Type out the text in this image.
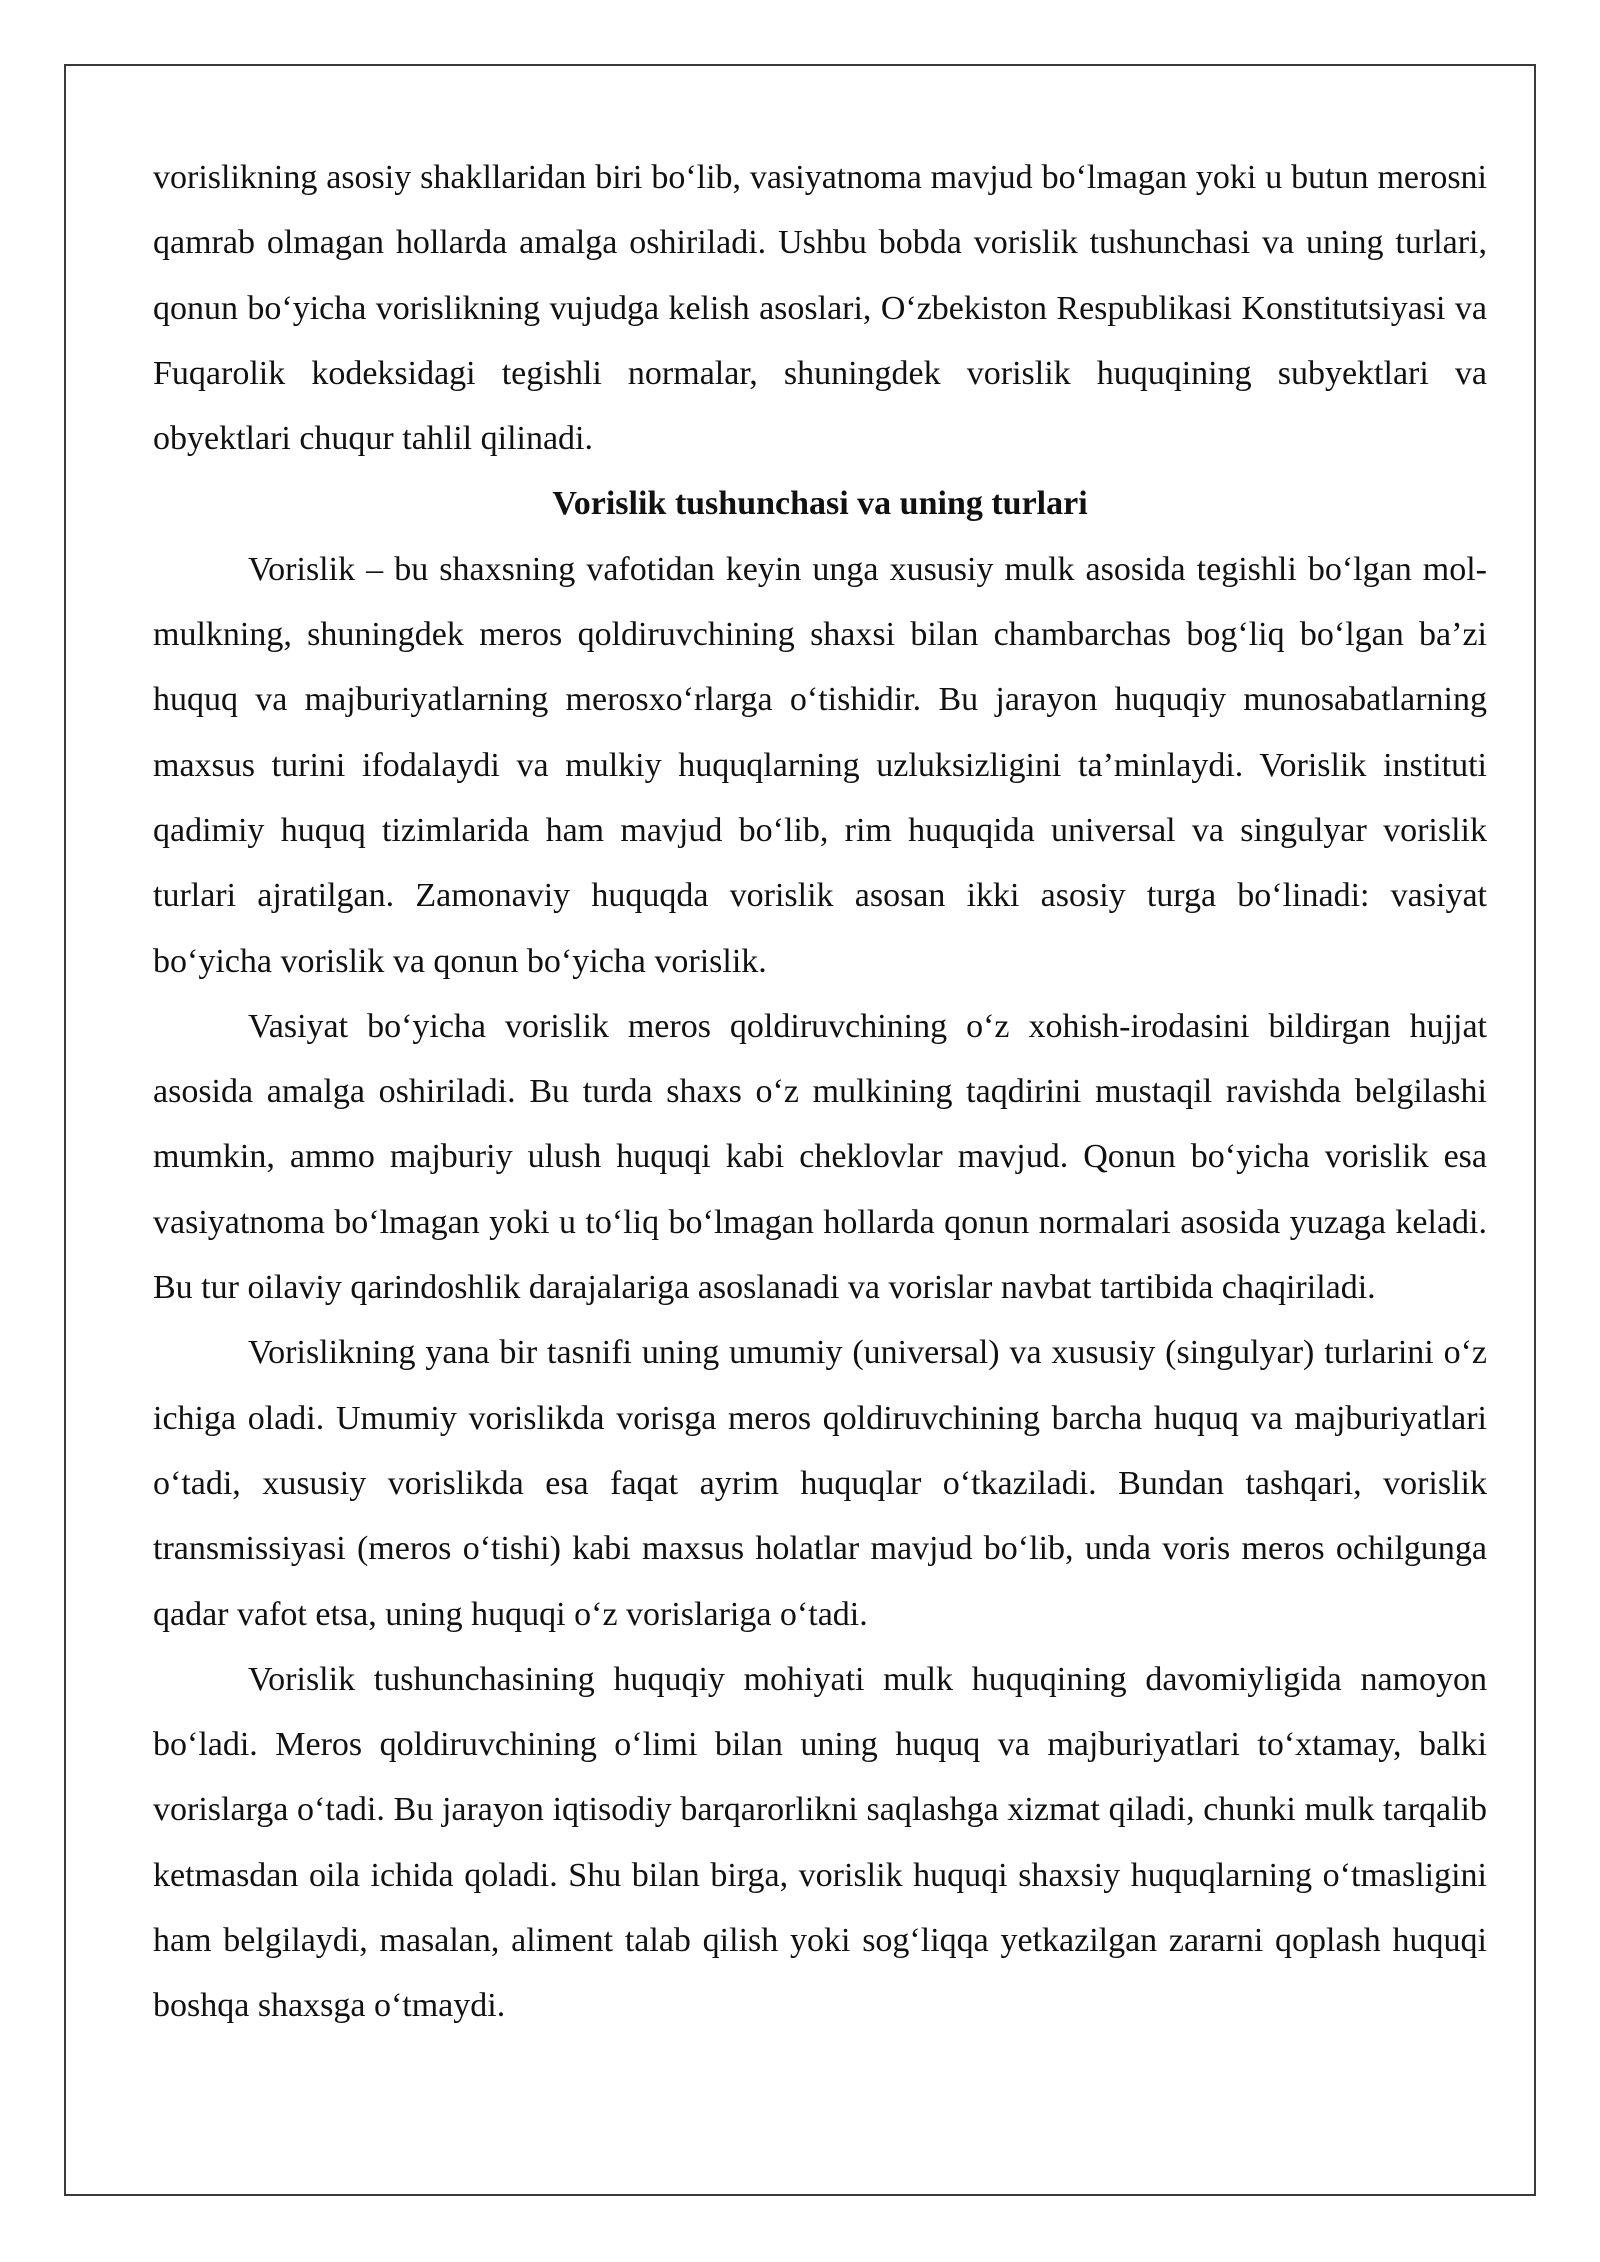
vorislikning asosiy shakllaridan biri bo‘lib, vasiyatnoma mavjud bo‘lmagan yoki u butun merosni qamrab olmagan hollarda amalga oshiriladi. Ushbu bobda vorislik tushunchasi va uning turlari, qonun bo‘yicha vorislikning vujudga kelish asoslari, O‘zbekiston Respublikasi Konstitutsiyasi va Fuqarolik kodeksidagi tegishli normalar, shuningdek vorislik huquqining subyektlari va obyektlari chuqur tahlil qilinadi.

Vorislik tushunchasi va uning turlari

Vorislik – bu shaxsning vafotidan keyin unga xususiy mulk asosida tegishli bo‘lgan mol-mulkning, shuningdek meros qoldiruvchining shaxsi bilan chambarchas bog‘liq bo‘lgan ba’zi huquq va majburiyatlarning merosxo‘rlarga o‘tishidir. Bu jarayon huquqiy munosabatlarning maxsus turini ifodalaydi va mulkiy huquqlarning uzluksizligini ta’minlaydi. Vorislik instituti qadimiy huquq tizimlarida ham mavjud bo‘lib, rim huquqida universal va singulyar vorislik turlari ajratilgan. Zamonaviy huquqda vorislik asosan ikki asosiy turga bo‘linadi: vasiyat bo‘yicha vorislik va qonun bo‘yicha vorislik.

Vasiyat bo‘yicha vorislik meros qoldiruvchining o‘z xohish-irodasini bildirgan hujjat asosida amalga oshiriladi. Bu turda shaxs o‘z mulkining taqdirini mustaqil ravishda belgilashi mumkin, ammo majburiy ulush huquqi kabi cheklovlar mavjud. Qonun bo‘yicha vorislik esa vasiyatnoma bo‘lmagan yoki u to‘liq bo‘lmagan hollarda qonun normalari asosida yuzaga keladi. Bu tur oilaviy qarindoshlik darajalariga asoslanadi va vorislar navbat tartibida chaqiriladi.

Vorislikning yana bir tasnifi uning umumiy (universal) va xususiy (singulyar) turlarini o‘z ichiga oladi. Umumiy vorislikda vorisga meros qoldiruvchining barcha huquq va majburiyatlari o‘tadi, xususiy vorislikda esa faqat ayrim huquqlar o‘tkaziladi. Bundan tashqari, vorislik transmissiyasi (meros o‘tishi) kabi maxsus holatlar mavjud bo‘lib, unda voris meros ochilgunga qadar vafot etsa, uning huquqi o‘z vorislariga o‘tadi.

Vorislik tushunchasining huquqiy mohiyati mulk huquqining davomiyligida namoyon bo‘ladi. Meros qoldiruvchining o‘limi bilan uning huquq va majburiyatlari to‘xtamay, balki vorislarga o‘tadi. Bu jarayon iqtisodiy barqarorlikni saqlashga xizmat qiladi, chunki mulk tarqalib ketmasdan oila ichida qoladi. Shu bilan birga, vorislik huquqi shaxsiy huquqlarning o‘tmasligini ham belgilaydi, masalan, aliment talab qilish yoki sog‘liqqa yetkazilgan zararni qoplash huquqi boshqa shaxsga o‘tmaydi.
